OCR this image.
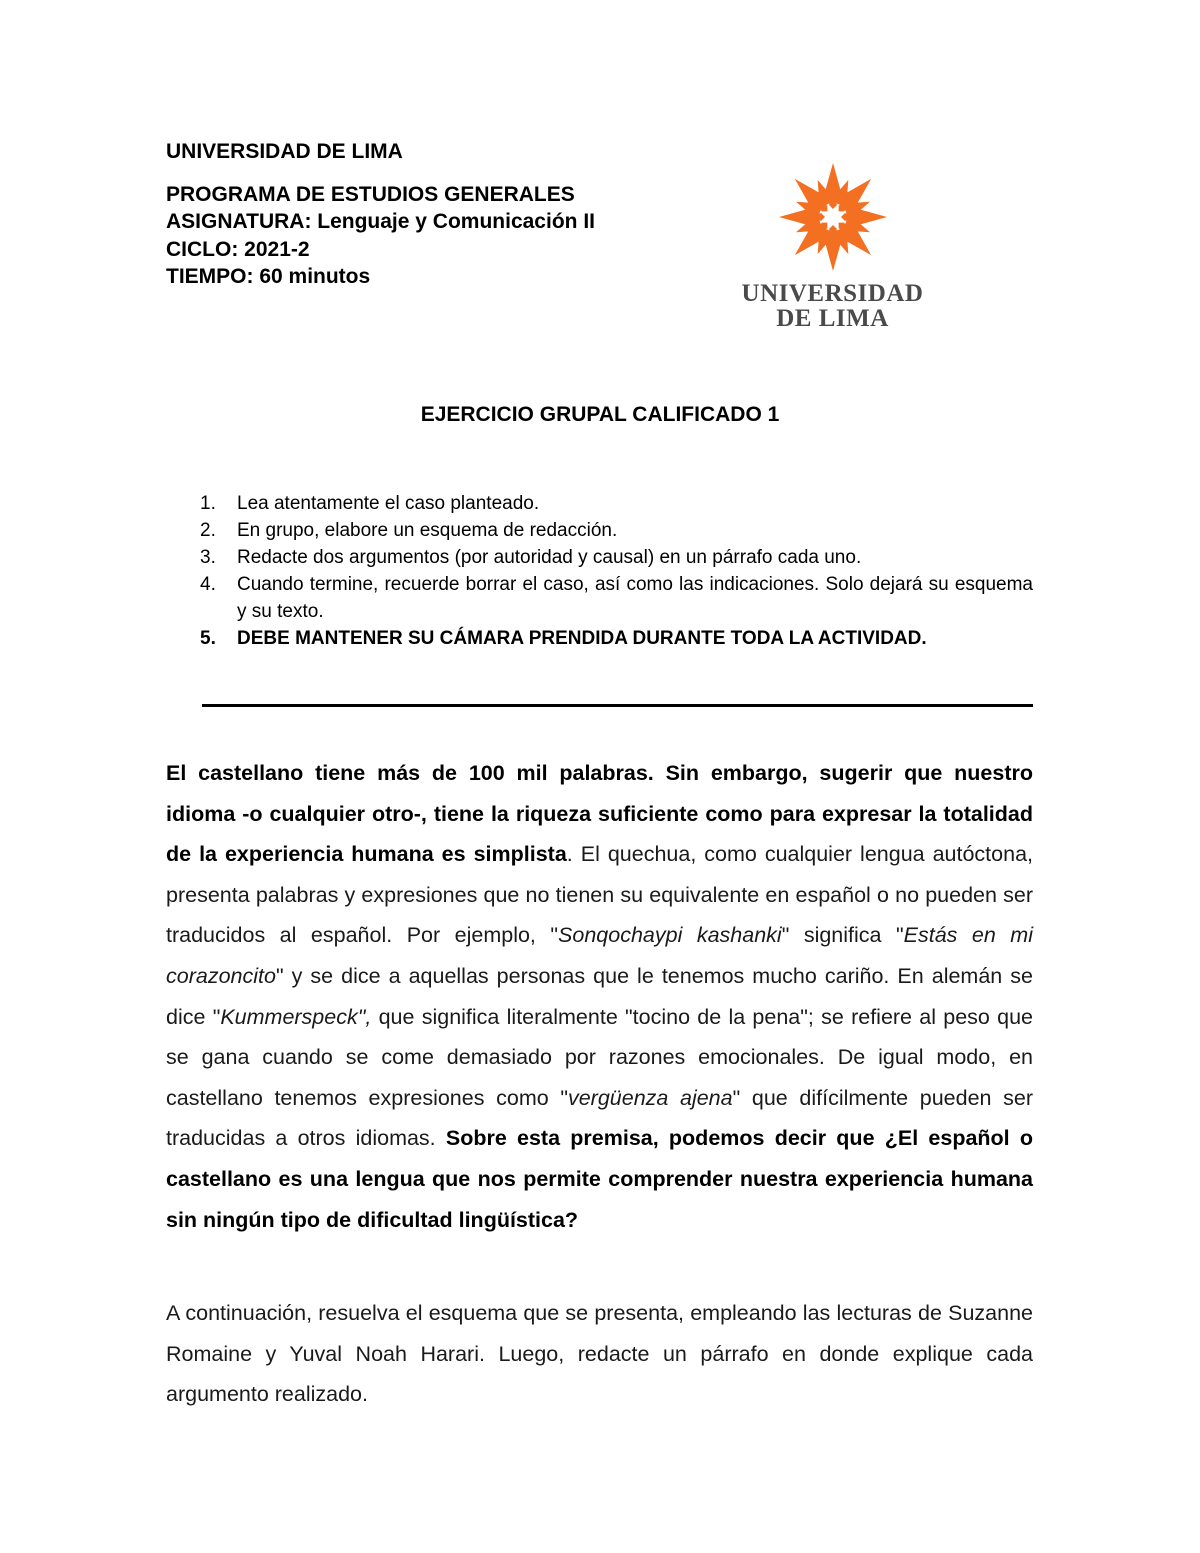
UNIVERSIDAD DE LIMA
PROGRAMA DE ESTUDIOS GENERALES
ASIGNATURA: Lenguaje y Comunicación II
CICLO: 2021-2
TIEMPO: 60 minutos
UNIVERSIDAD
DE LIMA
EJERCICIO GRUPAL CALIFICADO 1
1.	Lea atentamente el caso planteado.
2.	En grupo, elabore un esquema de redacción.
3.	Redacte dos argumentos (por autoridad y causal) en un párrafo cada uno.
4.	Cuando termine, recuerde borrar el caso, así como las indicaciones. Solo dejará su esquema y su texto.
5.	DEBE MANTENER SU CÁMARA PRENDIDA DURANTE TODA LA ACTIVIDAD.

El castellano tiene más de 100 mil palabras. Sin embargo, sugerir que nuestro idioma -o cualquier otro-, tiene la riqueza suficiente como para expresar la totalidad de la experiencia humana es simplista. El quechua, como cualquier lengua autóctona, presenta palabras y expresiones que no tienen su equivalente en español o no pueden ser traducidos al español. Por ejemplo, "Sonqochaypi kashanki" significa "Estás en mi corazoncito" y se dice a aquellas personas que le tenemos mucho cariño. En alemán se dice "Kummerspeck", que significa literalmente "tocino de la pena"; se refiere al peso que se gana cuando se come demasiado por razones emocionales. De igual modo, en castellano tenemos expresiones como "vergüenza ajena" que difícilmente pueden ser traducidas a otros idiomas. Sobre esta premisa, podemos decir que ¿El español o castellano es una lengua que nos permite comprender nuestra experiencia humana sin ningún tipo de dificultad lingüística?

A continuación, resuelva el esquema que se presenta, empleando las lecturas de Suzanne Romaine y Yuval Noah Harari. Luego, redacte un párrafo en donde explique cada argumento realizado.
